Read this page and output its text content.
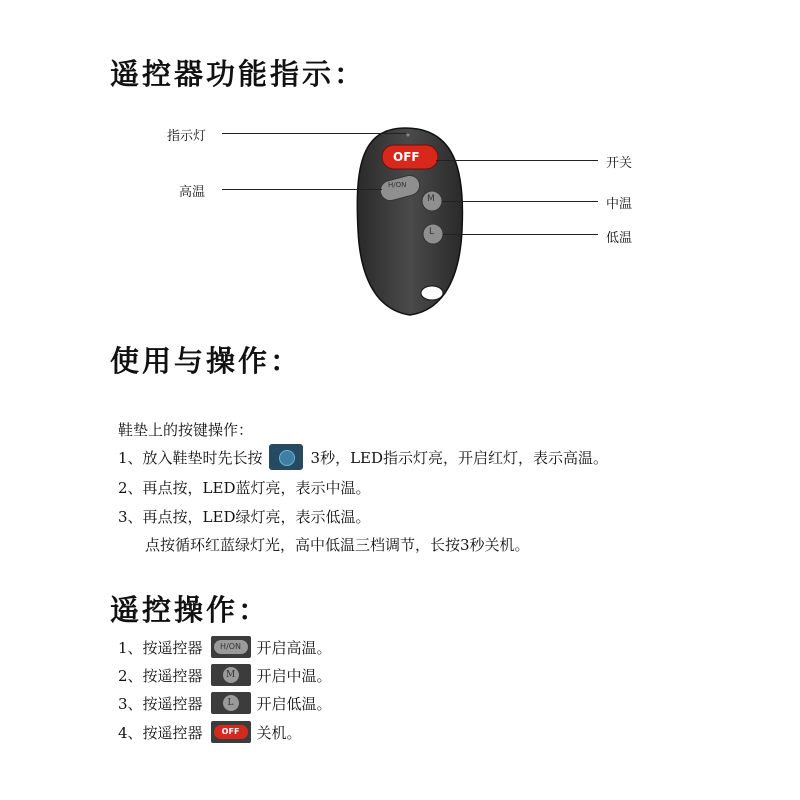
遥控器功能指示：
OFF
H/ON
M
L
指示灯
高温
开关
中温
低温
使用与操作：
鞋垫上的按键操作：
1、放入鞋垫时先长按	3秒，LED指示灯亮，开启红灯，表示高温。
2、再点按，LED蓝灯亮，表示中温。
3、再点按，LED绿灯亮，表示低温。
点按循环红蓝绿灯光，高中低温三档调节，长按3秒关机。
遥控操作：
1、按遥控器	H/ON	开启高温。
2、按遥控器	M 开启中温。
3、按遥控器	L	开启低温。
4、按遥控器	OFF	关机。
